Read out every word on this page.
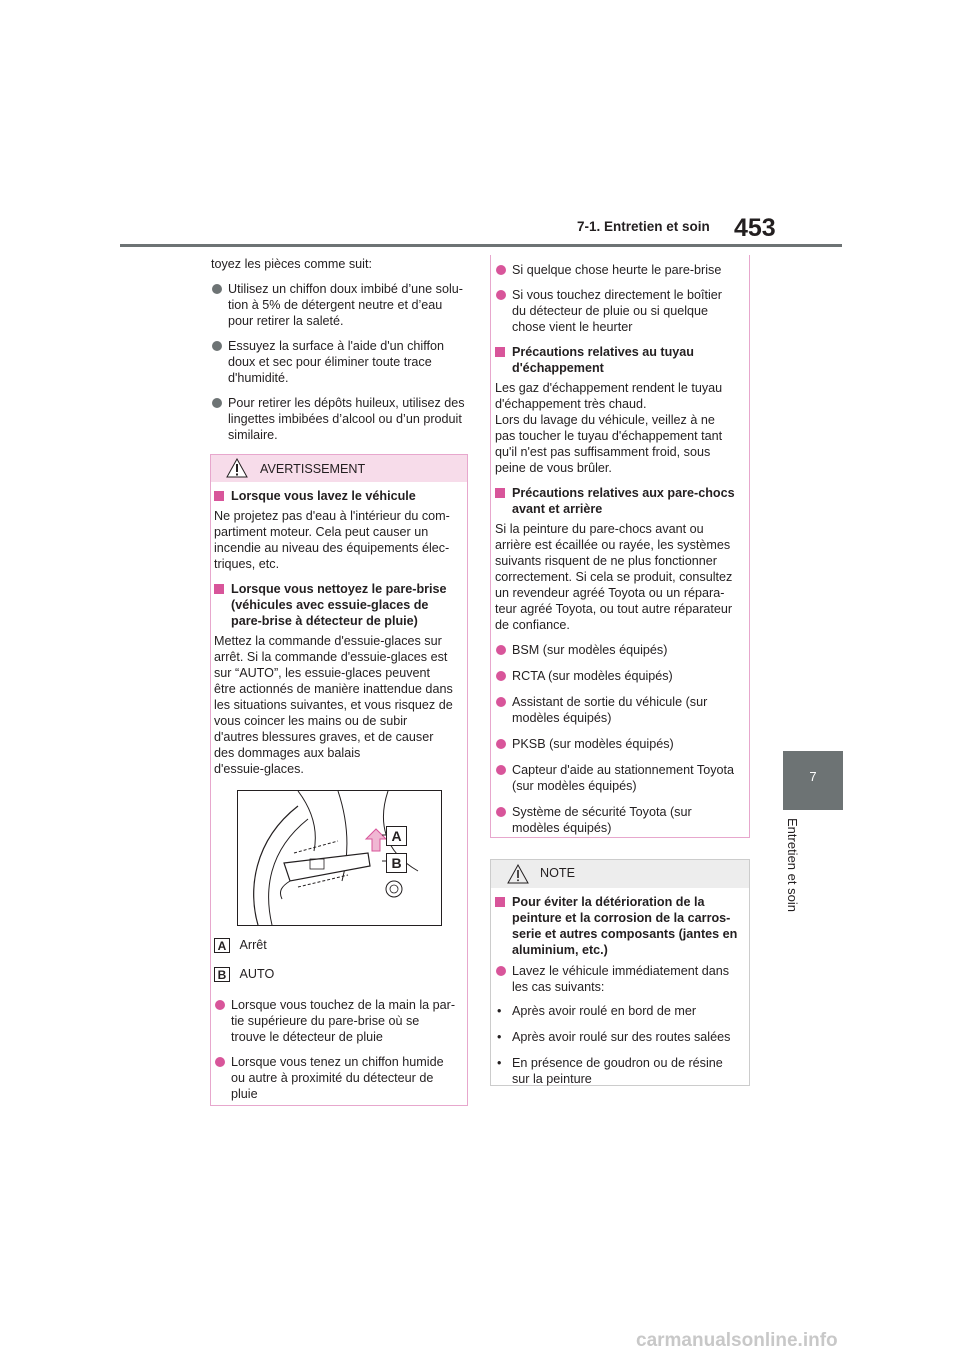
7-1. Entretien et soin 453
7
Entretien et soin

toyez les pièces comme suit:

Utilisez un chiffon doux imbibé d’une solu-
tion à 5% de détergent neutre et d’eau
pour retirer la saleté.

Essuyez la surface à l'aide d'un chiffon
doux et sec pour éliminer toute trace
d'humidité.

Pour retirer les dépôts huileux, utilisez des
lingettes imbibées d’alcool ou d’un produit
similaire.

AVERTISSEMENT

Lorsque vous lavez le véhicule

Ne projetez pas d'eau à l'intérieur du com-
partiment moteur. Cela peut causer un
incendie au niveau des équipements élec-
triques, etc.

Lorsque vous nettoyez le pare-brise
(véhicules avec essuie-glaces de
pare-brise à détecteur de pluie)

Mettez la commande d'essuie-glaces sur
arrêt. Si la commande d'essuie-glaces est
sur “AUTO”, les essuie-glaces peuvent
être actionnés de manière inattendue dans
les situations suivantes, et vous risquez de
vous coincer les mains ou de subir
d'autres blessures graves, et de causer
des dommages aux balais
d'essuie-glaces.

A
B
A Arrêt
B AUTO

Lorsque vous touchez de la main la par-
tie supérieure du pare-brise où se
trouve le détecteur de pluie

Lorsque vous tenez un chiffon humide
ou autre à proximité du détecteur de
pluie

Si quelque chose heurte le pare-brise

Si vous touchez directement le boîtier
du détecteur de pluie ou si quelque
chose vient le heurter

Précautions relatives au tuyau
d'échappement

Les gaz d'échappement rendent le tuyau
d'échappement très chaud.
Lors du lavage du véhicule, veillez à ne
pas toucher le tuyau d'échappement tant
qu'il n'est pas suffisamment froid, sous
peine de vous brûler.

Précautions relatives aux pare-chocs
avant et arrière

Si la peinture du pare-chocs avant ou
arrière est écaillée ou rayée, les systèmes
suivants risquent de ne plus fonctionner
correctement. Si cela se produit, consultez
un revendeur agréé Toyota ou un répara-
teur agréé Toyota, ou tout autre réparateur
de confiance.

BSM (sur modèles équipés)

RCTA (sur modèles équipés)

Assistant de sortie du véhicule (sur
modèles équipés)

PKSB (sur modèles équipés)

Capteur d'aide au stationnement Toyota
(sur modèles équipés)

Système de sécurité Toyota (sur
modèles équipés)

NOTE

Pour éviter la détérioration de la
peinture et la corrosion de la carros-
serie et autres composants (jantes en
aluminium, etc.)

Lavez le véhicule immédiatement dans
les cas suivants:

• Après avoir roulé en bord de mer

• Après avoir roulé sur des routes salées

• En présence de goudron ou de résine
sur la peinture

carmanualsonline.info
